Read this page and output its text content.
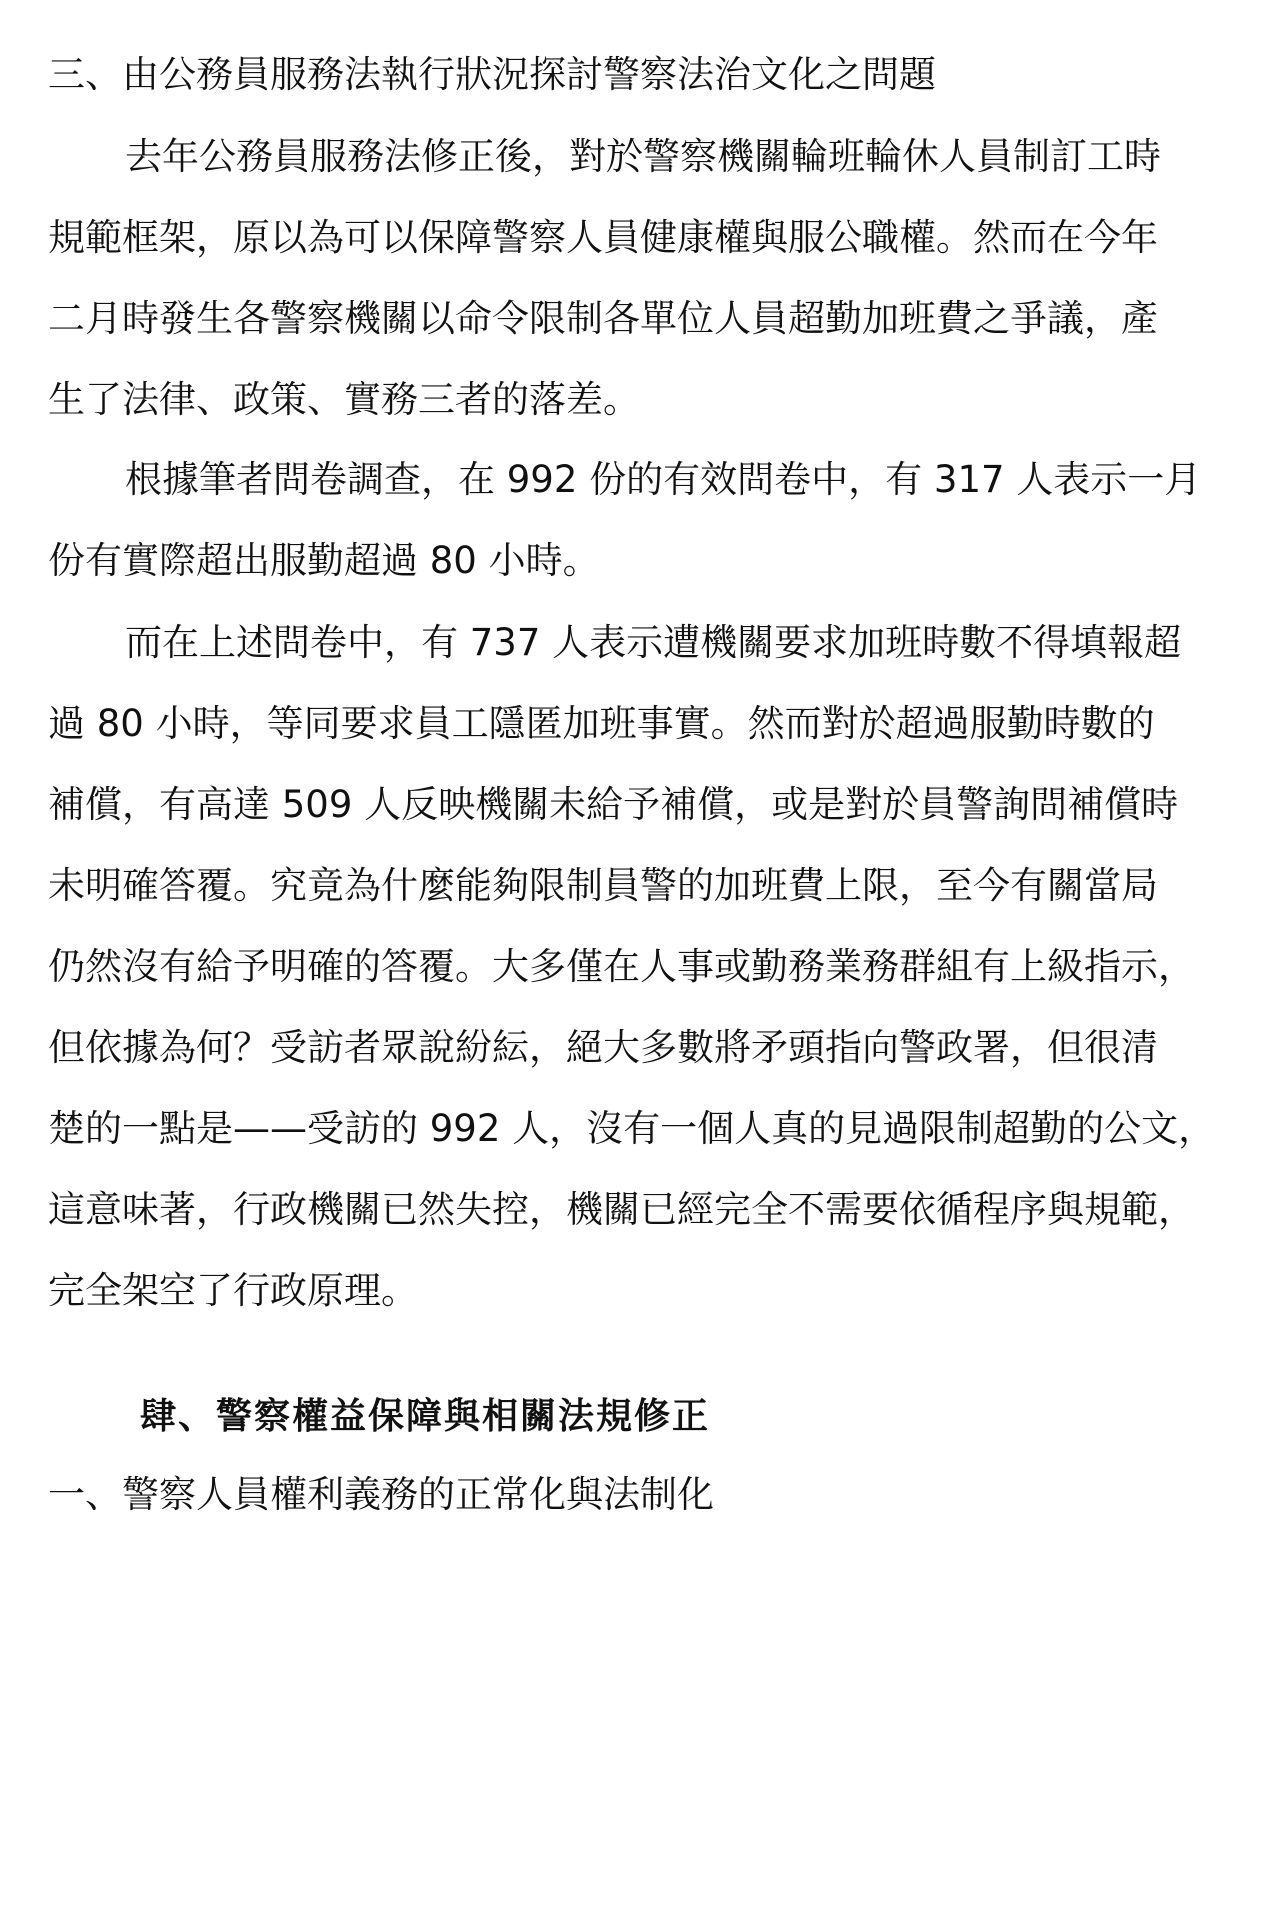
三、由公務員服務法執行狀況探討警察法治文化之問題
去年公務員服務法修正後，對於警察機關輪班輪休人員制訂工時
規範框架，原以為可以保障警察人員健康權與服公職權。然而在今年
二月時發生各警察機關以命令限制各單位人員超勤加班費之爭議，產
生了法律、政策、實務三者的落差。
根據筆者問卷調查，在 992 份的有效問卷中，有 317 人表示一月
份有實際超出服勤超過 80 小時。
而在上述問卷中，有 737 人表示遭機關要求加班時數不得填報超
過 80 小時，等同要求員工隱匿加班事實。然而對於超過服勤時數的
補償，有高達 509 人反映機關未給予補償，或是對於員警詢問補償時
未明確答覆。究竟為什麼能夠限制員警的加班費上限，至今有關當局
仍然沒有給予明確的答覆。大多僅在人事或勤務業務群組有上級指示，
但依據為何？受訪者眾說紛紜，絕大多數將矛頭指向警政署，但很清
楚的一點是——受訪的 992 人，沒有一個人真的見過限制超勤的公文，
這意味著，行政機關已然失控，機關已經完全不需要依循程序與規範，
完全架空了行政原理。
肆、警察權益保障與相關法規修正
一、警察人員權利義務的正常化與法制化
